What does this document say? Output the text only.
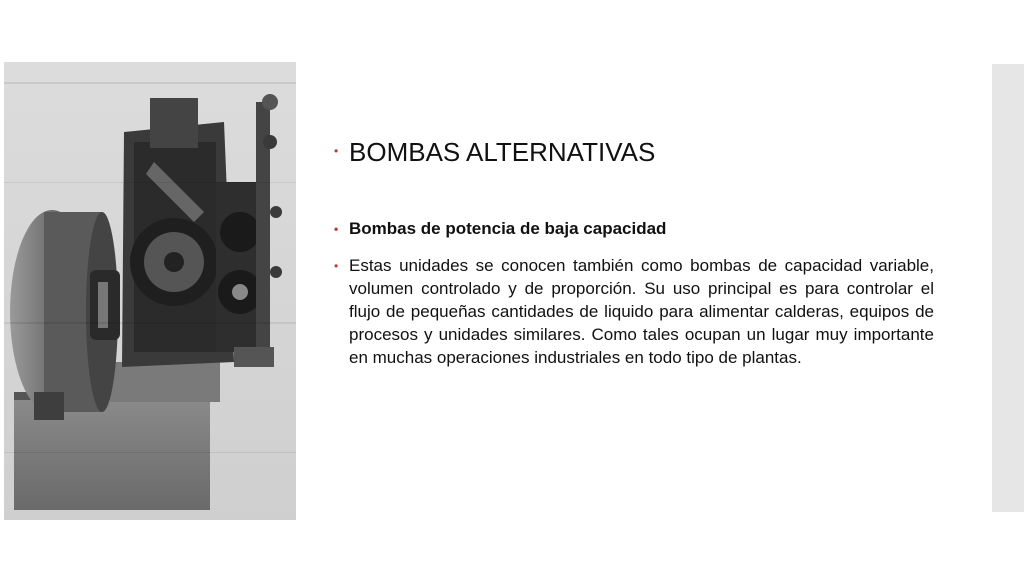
• BOMBAS ALTERNATIVAS
• Bombas de potencia de baja capacidad
• Estas unidades se conocen también como bombas de capacidad variable, volumen controlado y de proporción. Su uso principal es para controlar el flujo de pequeñas cantidades de liquido para alimentar calderas, equipos de procesos y unidades similares. Como tales ocupan un lugar muy importante en muchas operaciones industriales en todo tipo de plantas.
